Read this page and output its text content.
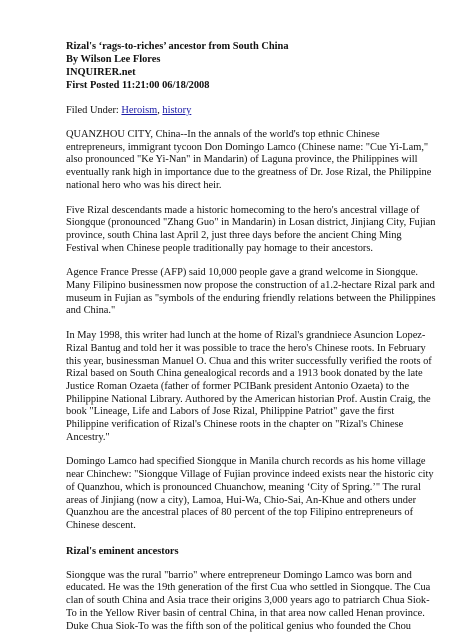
Rizal's ‘rags-to-riches’ ancestor from South China
By Wilson Lee Flores
INQUIRER.net
First Posted 11:21:00 06/18/2008
Filed Under: Heroism, history

QUANZHOU CITY, China--In the annals of the world's top ethnic Chinese entrepreneurs, immigrant tycoon Don Domingo Lamco (Chinese name: "Cue Yi-Lam," also pronounced "Ke Yi-Nan" in Mandarin) of Laguna province, the Philippines will eventually rank high in importance due to the greatness of Dr. Jose Rizal, the Philippine national hero who was his direct heir.

Five Rizal descendants made a historic homecoming to the hero's ancestral village of Siongque (pronounced "Zhang Guo" in Mandarin) in Losan district, Jinjiang City, Fujian province, south China last April 2, just three days before the ancient Ching Ming Festival when Chinese people traditionally pay homage to their ancestors.

Agence France Presse (AFP) said 10,000 people gave a grand welcome in Siongque. Many Filipino businessmen now propose the construction of a1.2-hectare Rizal park and museum in Fujian as "symbols of the enduring friendly relations between the Philippines and China."

In May 1998, this writer had lunch at the home of Rizal's grandniece Asuncion Lopez-Rizal Bantug and told her it was possible to trace the hero's Chinese roots. In February this year, businessman Manuel O. Chua and this writer successfully verified the roots of Rizal based on South China genealogical records and a 1913 book donated by the late Justice Roman Ozaeta (father of former PCIBank president Antonio Ozaeta) to the Philippine National Library. Authored by the American historian Prof. Austin Craig, the book "Lineage, Life and Labors of Jose Rizal, Philippine Patriot" gave the first Philippine verification of Rizal's Chinese roots in the chapter on "Rizal's Chinese Ancestry."

Domingo Lamco had specified Siongque in Manila church records as his home village near Chinchew: "Siongque Village of Fujian province indeed exists near the historic city of Quanzhou, which is pronounced Chuanchow, meaning ‘City of Spring.’" The rural areas of Jinjiang (now a city), Lamoa, Hui-Wa, Chio-Sai, An-Khue and others under Quanzhou are the ancestral places of 80 percent of the top Filipino entrepreneurs of Chinese descent.

Rizal's eminent ancestors

Siongque was the rural "barrio" where entrepreneur Domingo Lamco was born and educated. He was the 19th generation of the first Cua who settled in Siongque. The Cua clan of south China and Asia trace their origins 3,000 years ago to patriarch Chua Siok-To in the Yellow River basin of central China, in that area now called Henan province. Duke Chua Siok-To was the fifth son of the political genius who founded the Chou
